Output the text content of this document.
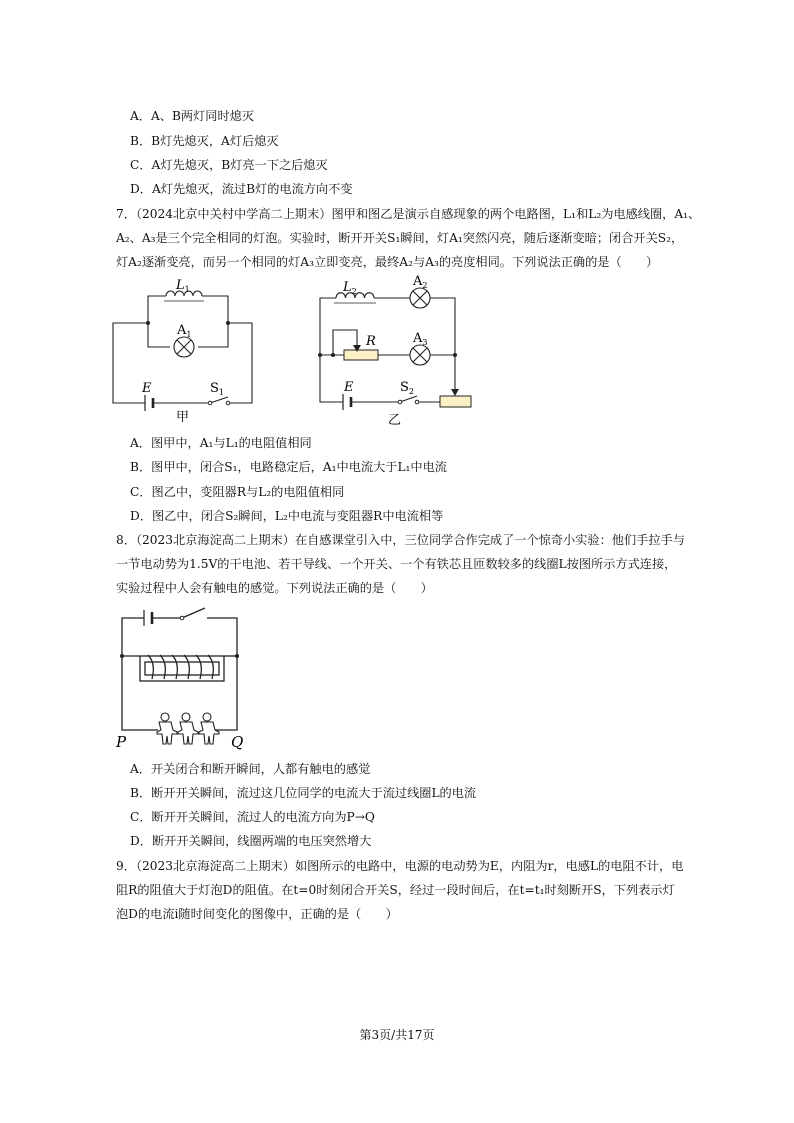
A．A、B两灯同时熄灭
B．B灯先熄灭，A灯后熄灭
C．A灯先熄灭，B灯亮一下之后熄灭
D．A灯先熄灭，流过B灯的电流方向不变
7．（2024北京中关村中学高二上期末）图甲和图乙是演示自感现象的两个电路图，L₁和L₂为电感线圈，A₁、
A₂、A₃是三个完全相同的灯泡。实验时，断开开关S₁瞬间，灯A₁突然闪亮，随后逐渐变暗；闭合开关S₂，
灯A₂逐渐变亮，而另一个相同的灯A₃立即变亮，最终A₂与A₃的亮度相同。下列说法正确的是（　　）
$L_1$
$A_1$
E	$S_1$
甲
$L_2$
$A_2$
$A_3$
R
E	$S_2$
乙
A．图甲中，A₁与L₁的电阻值相同
B．图甲中，闭合S₁，电路稳定后，A₁中电流大于L₁中电流
C．图乙中，变阻器R与L₂的电阻值相同
D．图乙中，闭合S₂瞬间，L₂中电流与变阻器R中电流相等
8．（2023北京海淀高二上期末）在自感课堂引入中，三位同学合作完成了一个惊奇小实验：他们手拉手与
一节电动势为1.5V的干电池、若干导线、一个开关、一个有铁芯且匝数较多的线圈L按图所示方式连接，
实验过程中人会有触电的感觉。下列说法正确的是（　　）
P	Q
A．开关闭合和断开瞬间，人都有触电的感觉
B．断开开关瞬间，流过这几位同学的电流大于流过线圈L的电流
C．断开开关瞬间，流过人的电流方向为P→Q
D．断开开关瞬间，线圈两端的电压突然增大
9．（2023北京海淀高二上期末）如图所示的电路中，电源的电动势为E，内阻为r，电感L的电阻不计，电
阻R的阻值大于灯泡D的阻值。在t=0时刻闭合开关S，经过一段时间后，在t=t₁时刻断开S，下列表示灯
泡D的电流i随时间变化的图像中，正确的是（　　）
第3页/共17页
